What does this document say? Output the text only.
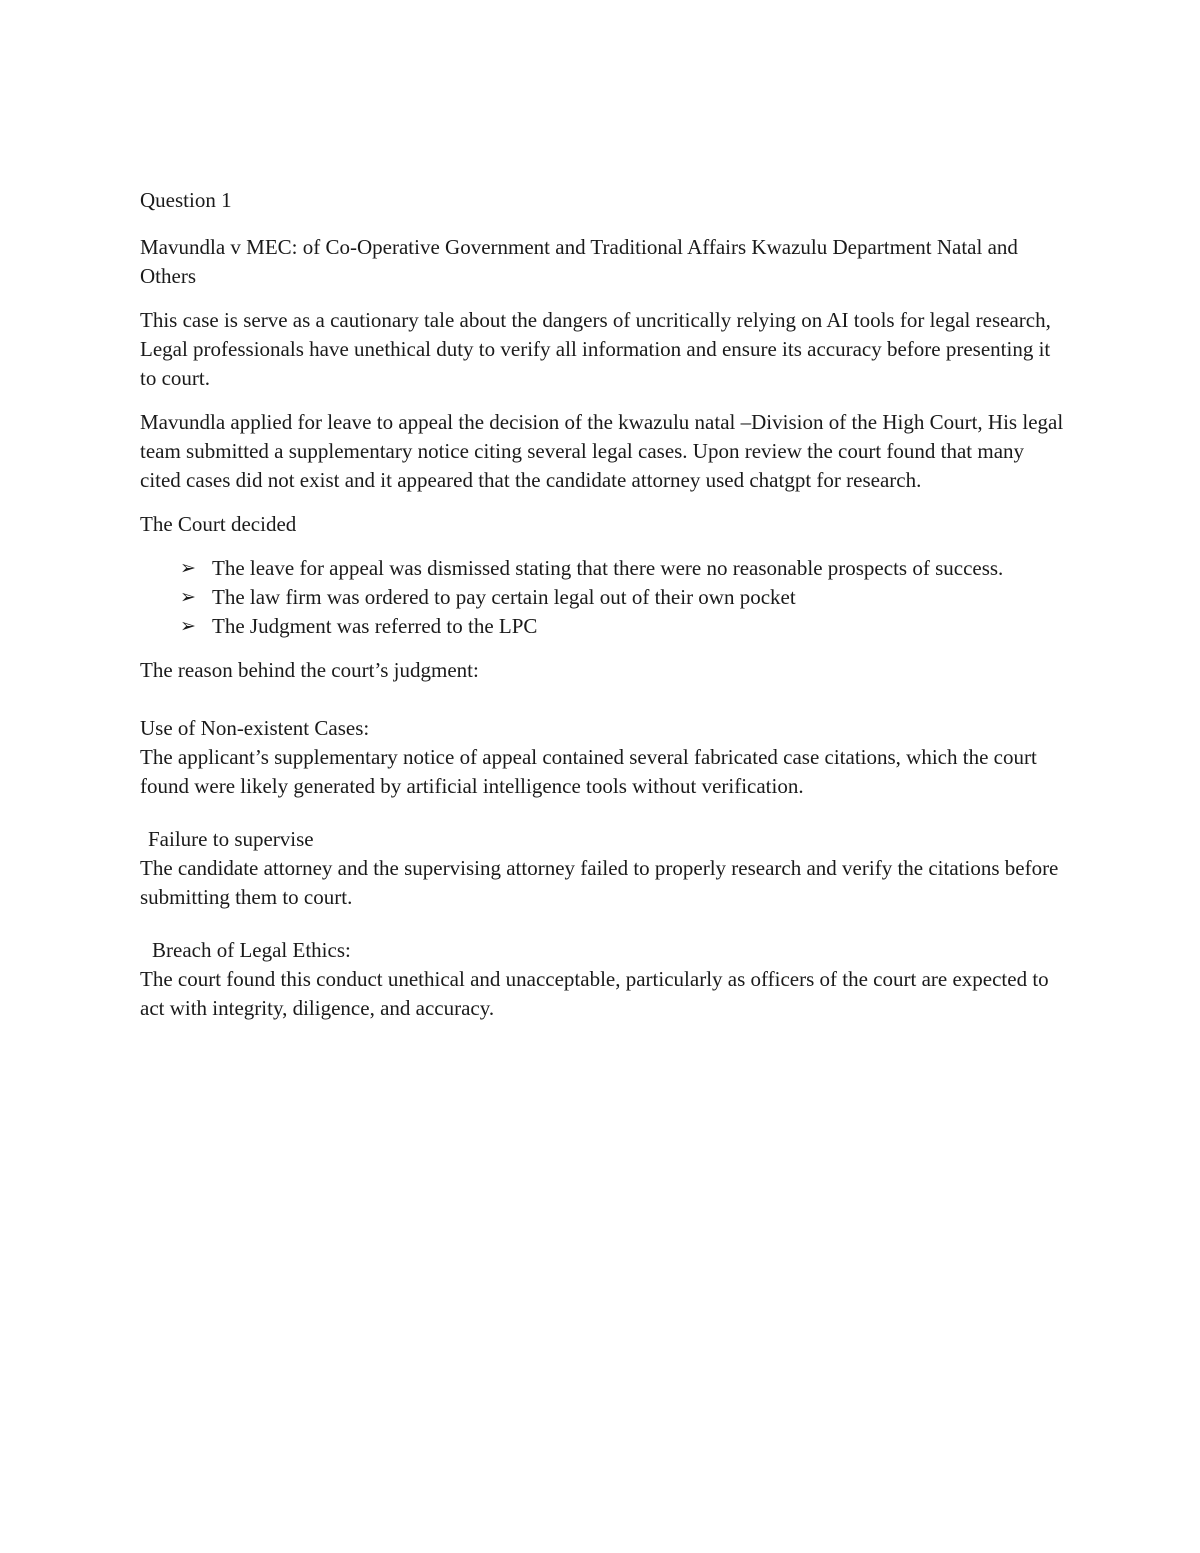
Question 1

Mavundla v MEC: of Co-Operative Government and Traditional Affairs Kwazulu Department Natal and Others

This case is serve as a cautionary tale about the dangers of uncritically relying on AI tools for legal research, Legal professionals have unethical duty to verify all information and ensure its accuracy before presenting it to court.

Mavundla applied for leave to appeal the decision of the kwazulu natal –Division of the High Court, His legal team submitted a supplementary notice citing several legal cases. Upon review the court found that many cited cases did not exist and it appeared that the candidate attorney used chatgpt for research.

The Court decided

➢ The leave for appeal was dismissed stating that there were no reasonable prospects of success.
➢ The law firm was ordered to pay certain legal out of their own pocket
➢ The Judgment was referred to the LPC

The reason behind the court’s judgment:

Use of Non-existent Cases:

The applicant’s supplementary notice of appeal contained several fabricated case citations, which the court found were likely generated by artificial intelligence tools without verification.

Failure to supervise

The candidate attorney and the supervising attorney failed to properly research and verify the citations before submitting them to court.

Breach of Legal Ethics:

The court found this conduct unethical and unacceptable, particularly as officers of the court are expected to act with integrity, diligence, and accuracy.
